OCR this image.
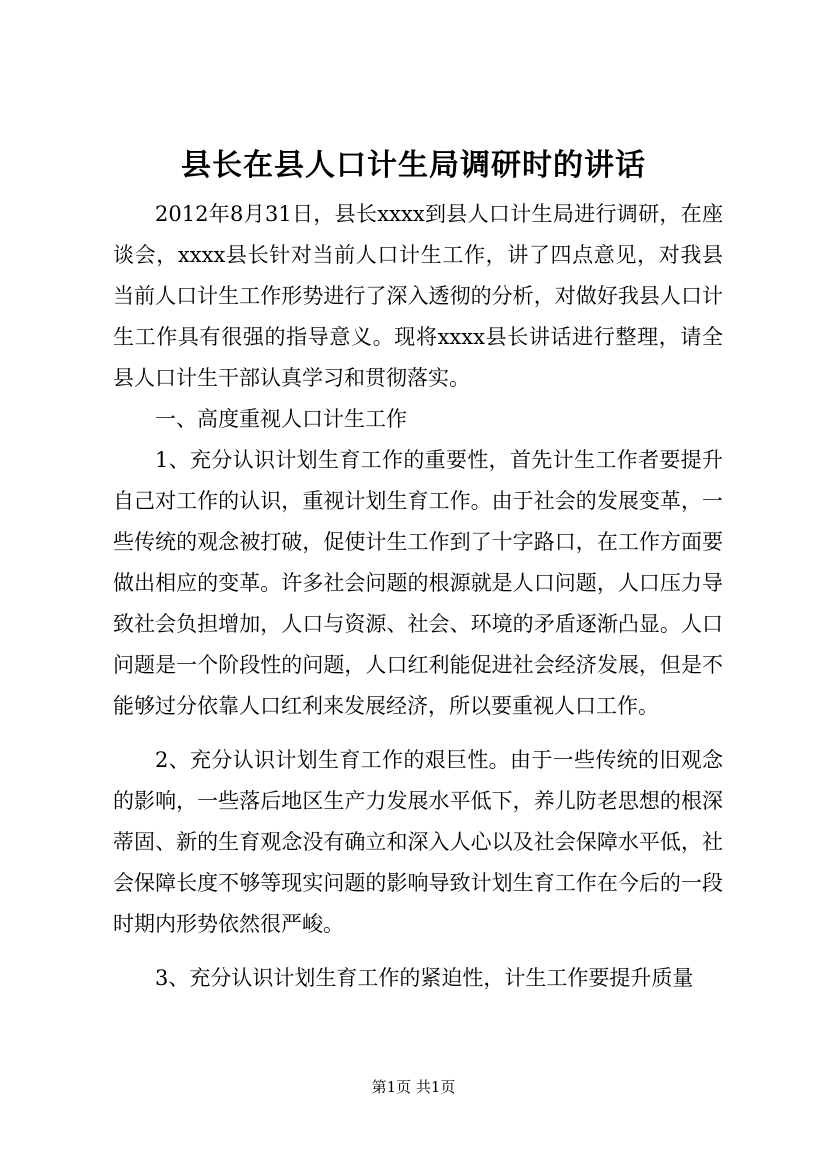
县长在县人口计生局调研时的讲话

2012年8月31日，县长xxxx到县人口计生局进行调研，在座谈会，xxxx县长针对当前人口计生工作，讲了四点意见，对我县当前人口计生工作形势进行了深入透彻的分析，对做好我县人口计生工作具有很强的指导意义。现将xxxx县长讲话进行整理，请全县人口计生干部认真学习和贯彻落实。

一、高度重视人口计生工作

1、充分认识计划生育工作的重要性，首先计生工作者要提升自己对工作的认识，重视计划生育工作。由于社会的发展变革，一些传统的观念被打破，促使计生工作到了十字路口，在工作方面要做出相应的变革。许多社会问题的根源就是人口问题，人口压力导致社会负担增加，人口与资源、社会、环境的矛盾逐渐凸显。人口问题是一个阶段性的问题，人口红利能促进社会经济发展，但是不能够过分依靠人口红利来发展经济，所以要重视人口工作。

2、充分认识计划生育工作的艰巨性。由于一些传统的旧观念的影响，一些落后地区生产力发展水平低下，养儿防老思想的根深蒂固、新的生育观念没有确立和深入人心以及社会保障水平低，社会保障长度不够等现实问题的影响导致计划生育工作在今后的一段时期内形势依然很严峻。

3、充分认识计划生育工作的紧迫性，计生工作要提升质量

第1页 共1页
